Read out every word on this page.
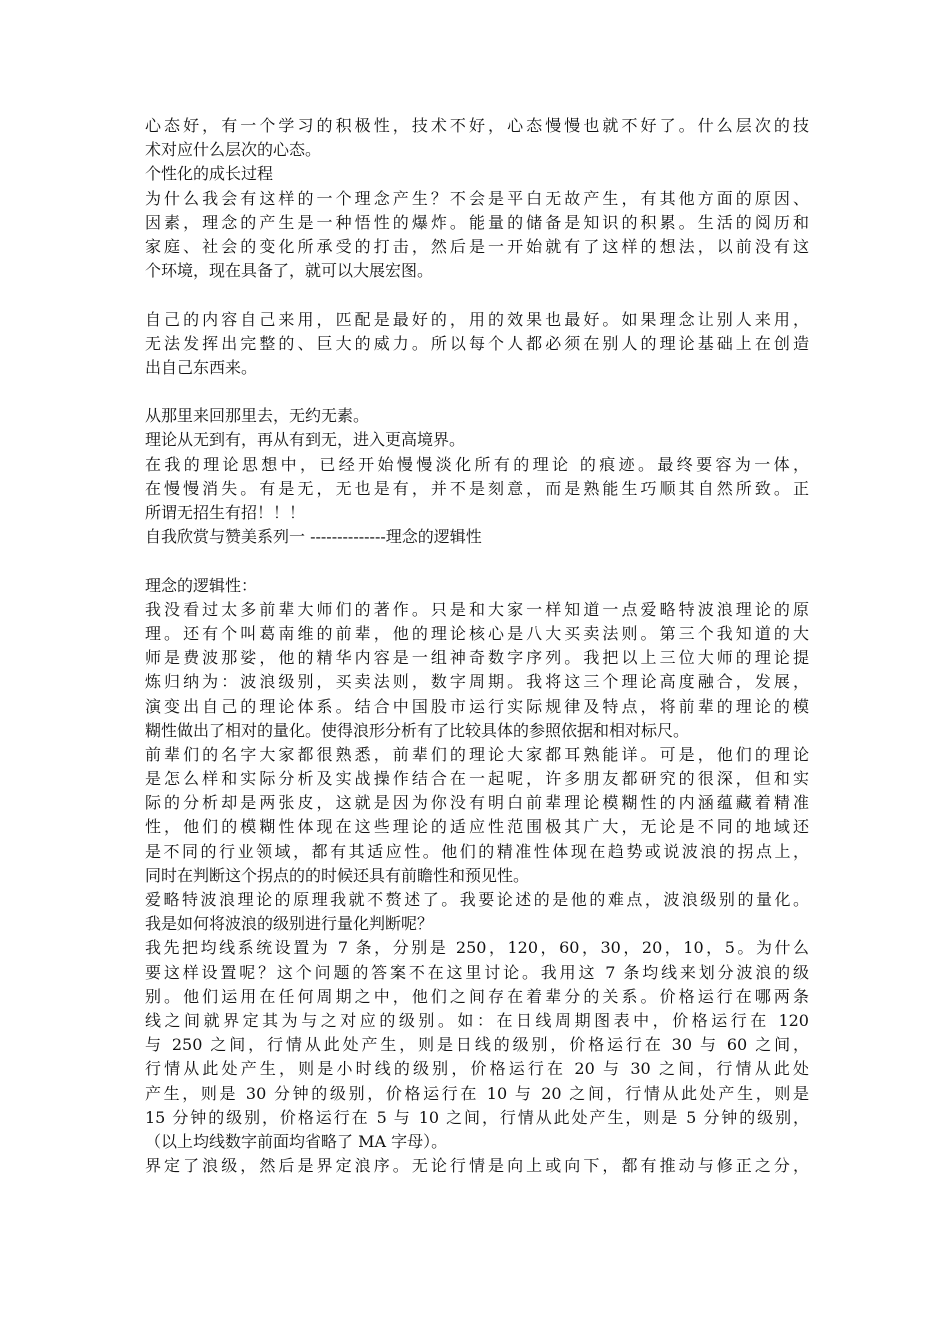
心态好，有一个学习的积极性，技术不好，心态慢慢也就不好了。什么层次的技
术对应什么层次的心态。
个性化的成长过程
为什么我会有这样的一个理念产生？不会是平白无故产生，有其他方面的原因、
因素，理念的产生是一种悟性的爆炸。能量的储备是知识的积累。生活的阅历和
家庭、社会的变化所承受的打击，然后是一开始就有了这样的想法，以前没有这
个环境，现在具备了，就可以大展宏图。
自己的内容自己来用，匹配是最好的，用的效果也最好。如果理念让别人来用，
无法发挥出完整的、巨大的威力。所以每个人都必须在别人的理论基础上在创造
出自己东西来。
从那里来回那里去，无约无素。
理论从无到有，再从有到无，进入更高境界。
在我的理论思想中，已经开始慢慢淡化所有的理论 的痕迹。最终要容为一体，
在慢慢消失。有是无，无也是有，并不是刻意，而是熟能生巧顺其自然所致。正
所谓无招生有招！！！
自我欣赏与赞美系列一 --------------理念的逻辑性
理念的逻辑性：
我没看过太多前辈大师们的著作。只是和大家一样知道一点爱略特波浪理论的原
理。还有个叫葛南维的前辈，他的理论核心是八大买卖法则。第三个我知道的大
师是费波那娑，他的精华内容是一组神奇数字序列。我把以上三位大师的理论提
炼归纳为：波浪级别，买卖法则，数字周期。我将这三个理论高度融合，发展，
演变出自己的理论体系。结合中国股市运行实际规律及特点，将前辈的理论的模
糊性做出了相对的量化。使得浪形分析有了比较具体的参照依据和相对标尺。
前辈们的名字大家都很熟悉，前辈们的理论大家都耳熟能详。可是，他们的理论
是怎么样和实际分析及实战操作结合在一起呢，许多朋友都研究的很深，但和实
际的分析却是两张皮，这就是因为你没有明白前辈理论模糊性的内涵蕴藏着精准
性，他们的模糊性体现在这些理论的适应性范围极其广大，无论是不同的地域还
是不同的行业领域，都有其适应性。他们的精准性体现在趋势或说波浪的拐点上，
同时在判断这个拐点的的时候还具有前瞻性和预见性。
爱略特波浪理论的原理我就不赘述了。我要论述的是他的难点，波浪级别的量化。
我是如何将波浪的级别进行量化判断呢？
我先把均线系统设置为 7 条，分别是 250，120，60，30，20，10，5。为什么
要这样设置呢？这个问题的答案不在这里讨论。我用这 7 条均线来划分波浪的级
别。他们运用在任何周期之中，他们之间存在着辈分的关系。价格运行在哪两条
线之间就界定其为与之对应的级别。如：在日线周期图表中，价格运行在 120
与 250 之间，行情从此处产生，则是日线的级别，价格运行在 30 与 60 之间，
行情从此处产生，则是小时线的级别，价格运行在 20 与 30 之间，行情从此处
产生，则是 30 分钟的级别，价格运行在 10 与 20 之间，行情从此处产生，则是
15 分钟的级别，价格运行在 5 与 10 之间，行情从此处产生，则是 5 分钟的级别，
（以上均线数字前面均省略了 MA 字母）。
界定了浪级，然后是界定浪序。无论行情是向上或向下，都有推动与修正之分，
